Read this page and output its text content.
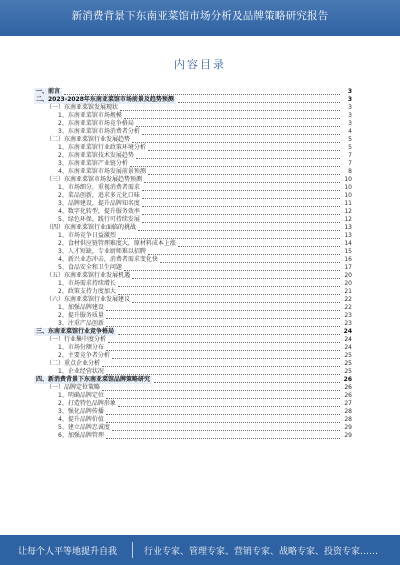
新消费背景下东南亚菜馆市场分析及品牌策略研究报告
内容目录
一、前言	3
二、2023-2028年东南亚菜馆市场前景及趋势预测	3
（一）东南亚菜馆发展现状	3
1、东南亚菜馆市场规模	3
2、东南亚菜馆市场竞争格局	3
3、东南亚菜馆市场消费者分析	4
（二）东南亚菜馆行业发展趋势	5
1、东南亚菜馆行业政策环境分析	5
2、东南亚菜馆技术发展趋势	7
3、东南亚菜馆产业链分析	7
4、东南亚菜馆市场发展前景预测	8
（三）东南亚菜馆市场发展趋势预测	10
1、市场细分，重视消费者需求	10
2、菜品创新，追求多元化口味	10
3、品牌建设，提升品牌知名度	11
4、数字化转型，提升服务效率	12
5、绿色环保，践行可持续发展	12
（四）东南亚菜馆行业面临的挑战	13
1、市场竞争日益激烈	13
2、食材供应链管理难度大，原材料成本上涨	14
3、人才短缺，专业厨师难以招聘	15
4、新兴业态冲击，消费者需求变化快	16
5、食品安全和卫生问题	17
（五）东南亚菜馆行业发展机遇	20
1、市场需求持续增长	20
2、政策支持力度加大	21
（六）东南亚菜馆行业发展建议	22
1、加强品牌建设	22
2、提升服务质量	23
3、注重产品创新	23
三、东南亚菜馆行业竞争格局	24
（一）行业集中度分析	24
1、市场份额分布	24
2、主要竞争者分析	25
（二）重点企业分析	25
1、企业经营状况	25
四、新消费背景下东南亚菜馆品牌策略研究	26
（一）品牌定位策略	26
1、明确品牌定位	26
2、打造特色品牌形象	27
3、强化品牌传播	28
4、提升品牌价值	28
5、建立品牌忠诚度	29
6、加强品牌管理	29
让每个人平等地提升自我	行业专家、管理专家、营销专家、战略专家、投资专家……
